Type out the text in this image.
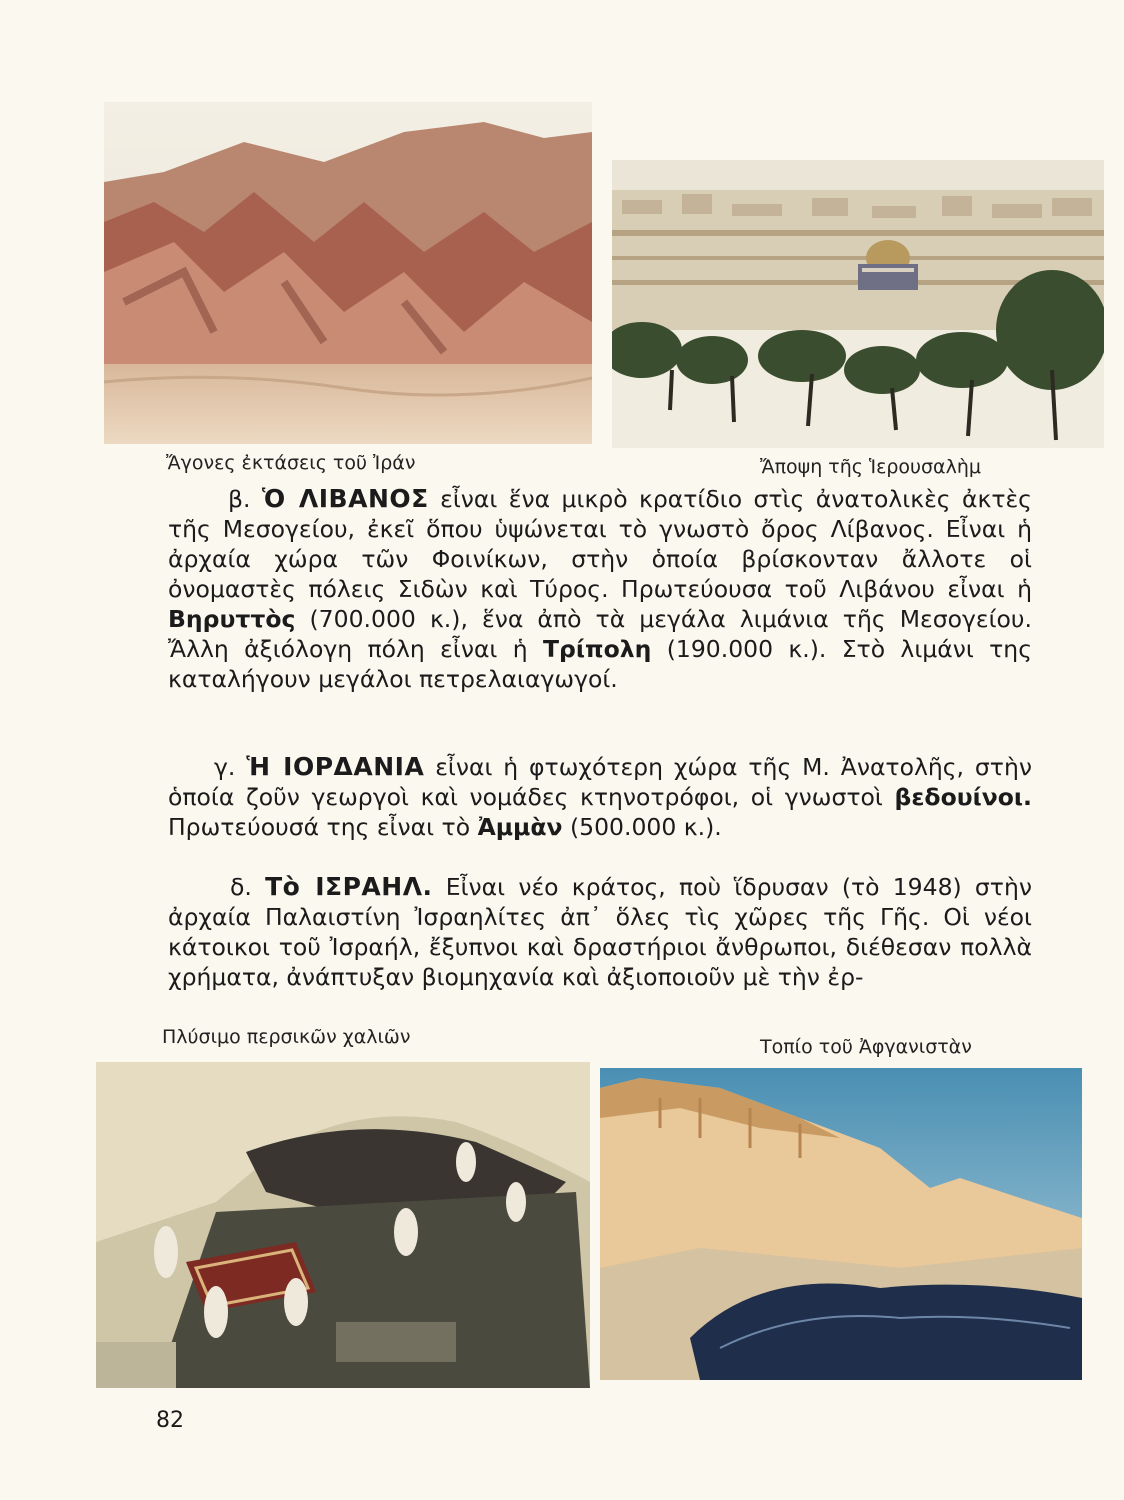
Ἄγονες ἐκτάσεις τοῦ Ἰράν	Ἄποψη τῆς Ἱερουσαλὴμ
β. Ὁ ΛΙΒΑΝΟΣ εἶναι ἕνα μικρὸ κρατίδιο στὶς ἀνατολικὲς ἀκτὲς τῆς Μεσογείου, ἐκεῖ ὅπου ὑψώνεται τὸ γνωστὸ ὄρος Λίβανος. Εἶναι ἡ ἀρχαία χώρα τῶν Φοινίκων, στὴν ὁποία βρίσκονταν ἄλλοτε οἱ ὀνομαστὲς πόλεις Σιδὼν καὶ Τύρος. Πρωτεύουσα τοῦ Λιβάνου εἶναι ἡ Βηρυττὸς (700.000 κ.), ἕνα ἀπὸ τὰ μεγάλα λιμάνια τῆς Μεσογείου. Ἄλλη ἀξιόλογη πόλη εἶναι ἡ Τρίπολη (190.000 κ.). Στὸ λιμάνι της καταλήγουν μεγάλοι πετρελαιαγωγοί.
γ. Ἡ ΙΟΡΔΑΝΙΑ εἶναι ἡ φτωχότερη χώρα τῆς Μ. Ἀνατολῆς, στὴν ὁποία ζοῦν γεωργοὶ καὶ νομάδες κτηνοτρόφοι, οἱ γνωστοὶ βεδουίνοι. Πρωτεύουσά της εἶναι τὸ Ἀμμὰν (500.000 κ.).
δ. Τὸ ΙΣΡΑΗΛ. Εἶναι νέο κράτος, ποὺ ἵδρυσαν (τὸ 1948) στὴν ἀρχαία Παλαιστίνη Ἰσραηλίτες ἀπ᾽ ὅλες τὶς χῶρες τῆς Γῆς. Οἱ νέοι κάτοικοι τοῦ Ἰσραήλ, ἔξυπνοι καὶ δραστήριοι ἄνθρωποι, διέθεσαν πολλὰ χρήματα, ἀνάπτυξαν βιομηχανία καὶ ἀξιοποιοῦν μὲ τὴν ἐρ-
Πλύσιμο περσικῶν χαλιῶν	Τοπίο τοῦ Ἀφγανιστὰν
82
